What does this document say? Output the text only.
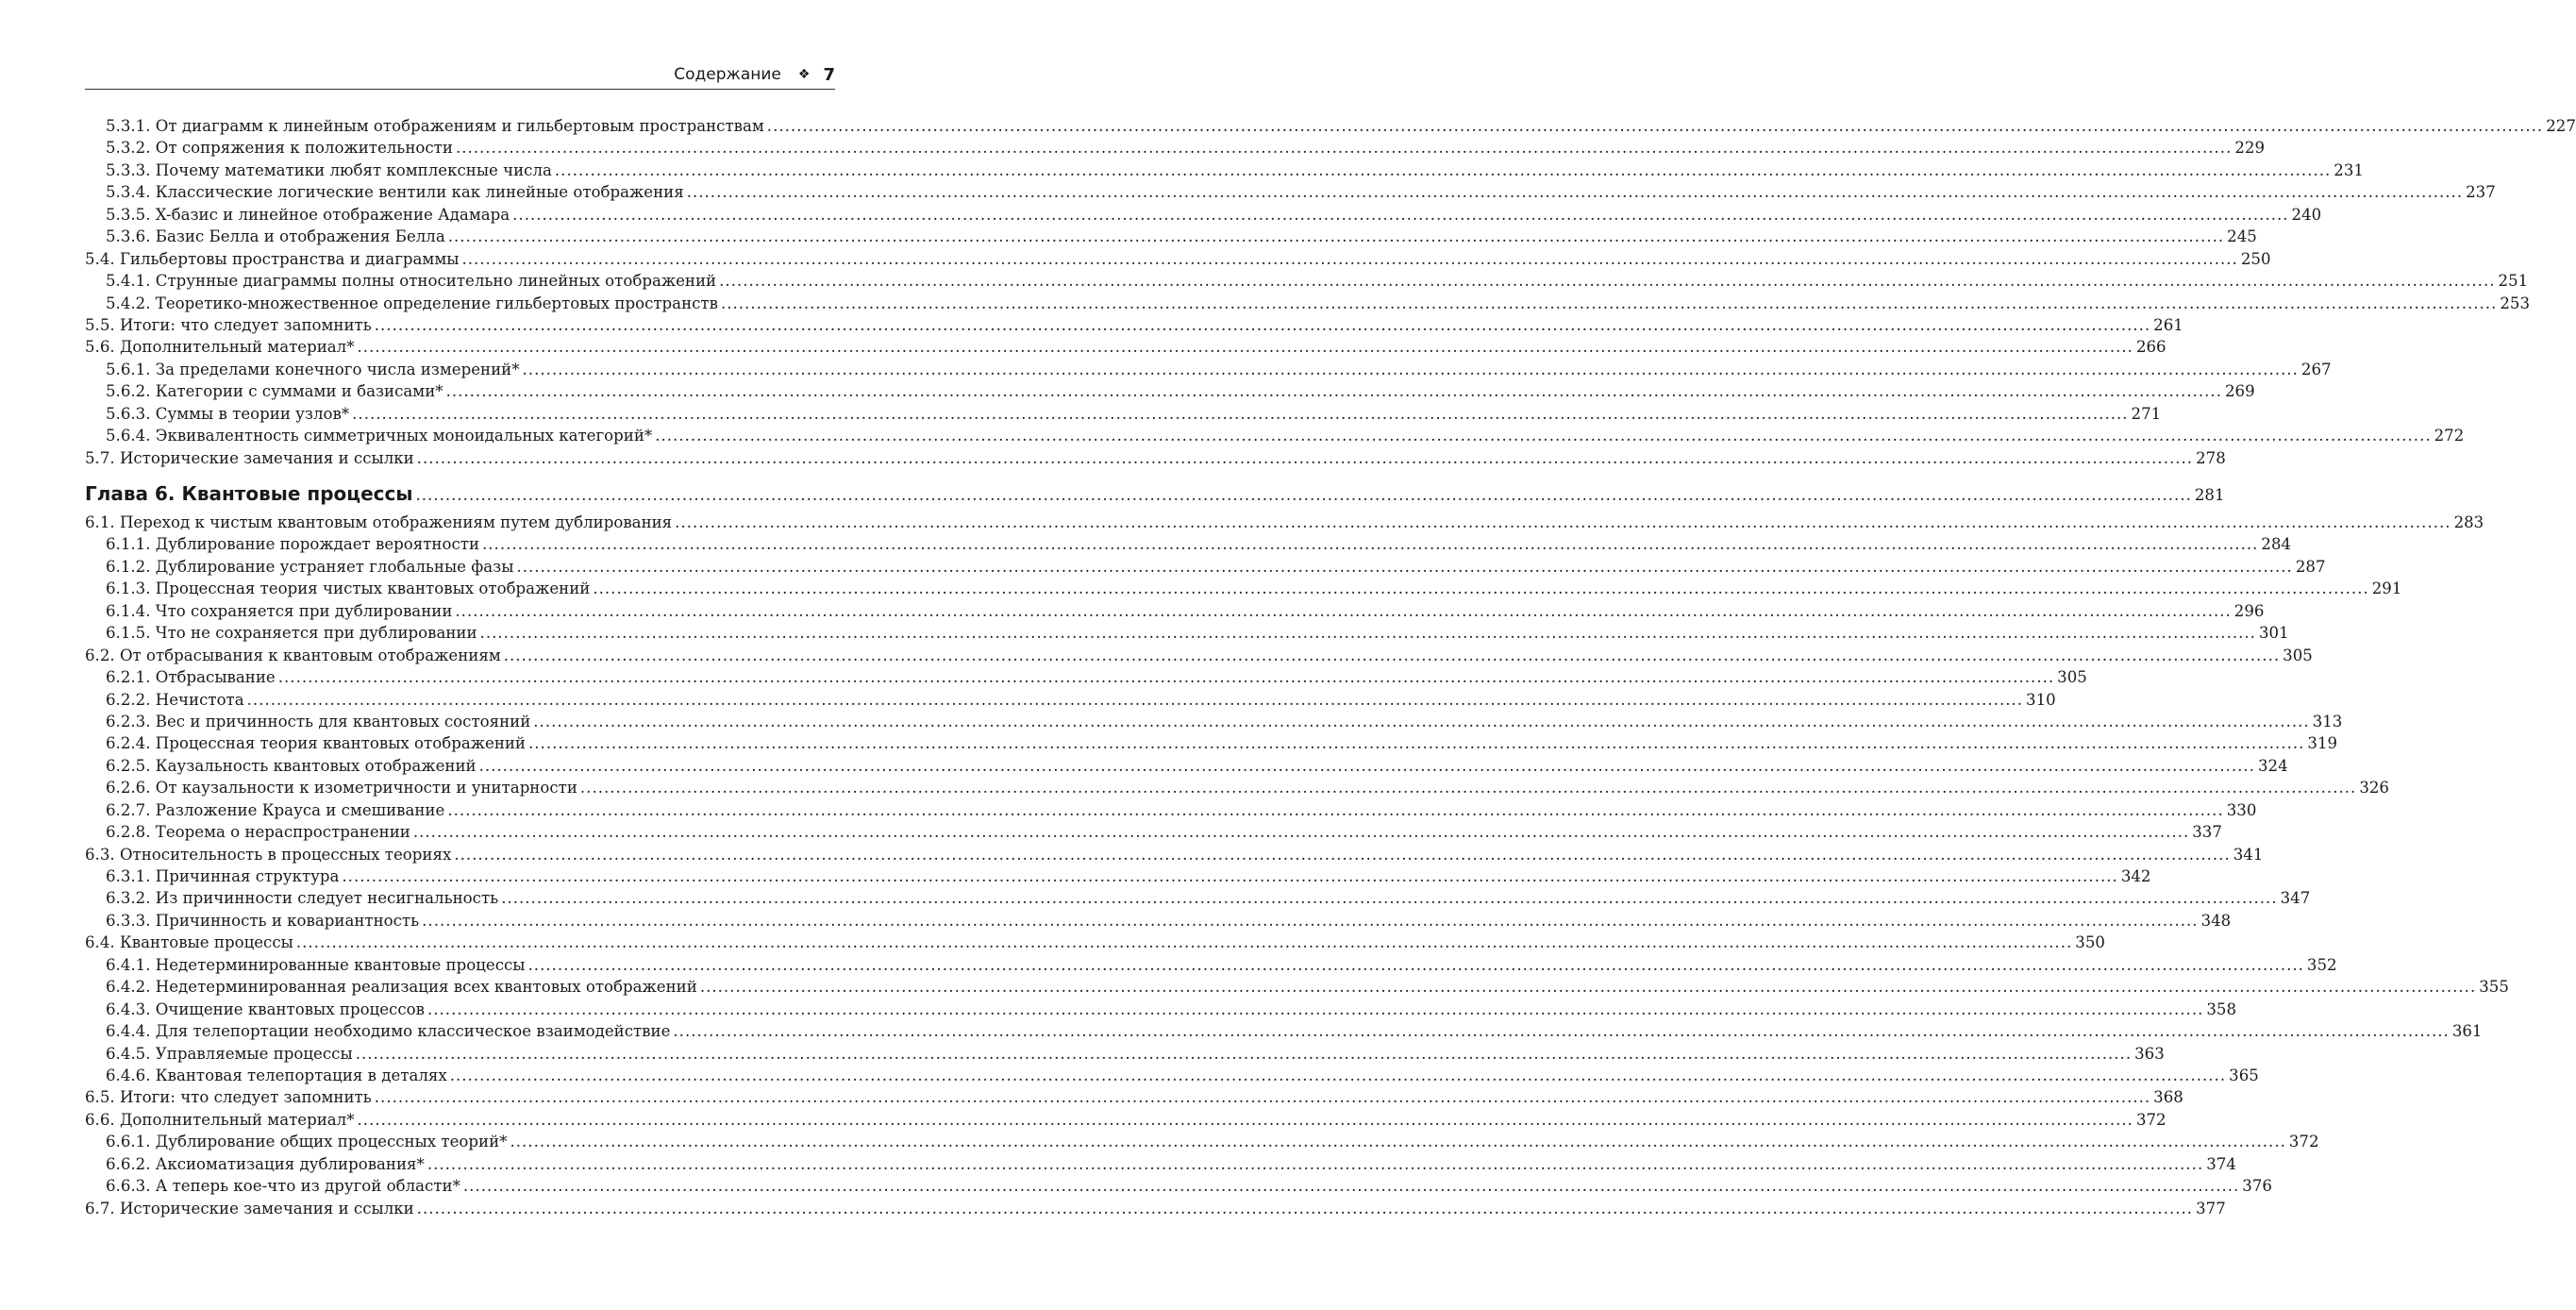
Содержание ❖ 7
5.3.1. От диаграмм к линейным отображениям и гильбертовым пространствам ............................................................................................................................................................................................................................................................................................................ 227
5.3.2. От сопряжения к положительности ............................................................................................................................................................................................................................................................................................................ 229
5.3.3. Почему математики любят комплексные числа ............................................................................................................................................................................................................................................................................................................ 231
5.3.4. Классические логические вентили как линейные отображения ............................................................................................................................................................................................................................................................................................................ 237
5.3.5. X-базис и линейное отображение Адамара ............................................................................................................................................................................................................................................................................................................ 240
5.3.6. Базис Белла и отображения Белла ............................................................................................................................................................................................................................................................................................................ 245
5.4. Гильбертовы пространства и диаграммы ............................................................................................................................................................................................................................................................................................................ 250
5.4.1. Струнные диаграммы полны относительно линейных отображений ............................................................................................................................................................................................................................................................................................................ 251
5.4.2. Теоретико-множественное определение гильбертовых пространств ............................................................................................................................................................................................................................................................................................................ 253
5.5. Итоги: что следует запомнить ............................................................................................................................................................................................................................................................................................................ 261
5.6. Дополнительный материал* ............................................................................................................................................................................................................................................................................................................ 266
5.6.1. За пределами конечного числа измерений* ............................................................................................................................................................................................................................................................................................................ 267
5.6.2. Категории с суммами и базисами* ............................................................................................................................................................................................................................................................................................................ 269
5.6.3. Суммы в теории узлов* ............................................................................................................................................................................................................................................................................................................ 271
5.6.4. Эквивалентность симметричных моноидальных категорий* ............................................................................................................................................................................................................................................................................................................ 272
5.7. Исторические замечания и ссылки ............................................................................................................................................................................................................................................................................................................ 278
Глава 6. Квантовые процессы ............................................................................................................................................................................................................................................................................................................ 281
6.1. Переход к чистым квантовым отображениям путем дублирования ............................................................................................................................................................................................................................................................................................................ 283
6.1.1. Дублирование порождает вероятности ............................................................................................................................................................................................................................................................................................................ 284
6.1.2. Дублирование устраняет глобальные фазы ............................................................................................................................................................................................................................................................................................................ 287
6.1.3. Процессная теория чистых квантовых отображений ............................................................................................................................................................................................................................................................................................................ 291
6.1.4. Что сохраняется при дублировании ............................................................................................................................................................................................................................................................................................................ 296
6.1.5. Что не сохраняется при дублировании ............................................................................................................................................................................................................................................................................................................ 301
6.2. От отбрасывания к квантовым отображениям ............................................................................................................................................................................................................................................................................................................ 305
6.2.1. Отбрасывание ............................................................................................................................................................................................................................................................................................................ 305
6.2.2. Нечистота ............................................................................................................................................................................................................................................................................................................ 310
6.2.3. Вес и причинность для квантовых состояний ............................................................................................................................................................................................................................................................................................................ 313
6.2.4. Процессная теория квантовых отображений ............................................................................................................................................................................................................................................................................................................ 319
6.2.5. Каузальность квантовых отображений ............................................................................................................................................................................................................................................................................................................ 324
6.2.6. От каузальности к изометричности и унитарности ............................................................................................................................................................................................................................................................................................................ 326
6.2.7. Разложение Крауса и смешивание ............................................................................................................................................................................................................................................................................................................ 330
6.2.8. Теорема о нераспространении ............................................................................................................................................................................................................................................................................................................ 337
6.3. Относительность в процессных теориях ............................................................................................................................................................................................................................................................................................................ 341
6.3.1. Причинная структура ............................................................................................................................................................................................................................................................................................................ 342
6.3.2. Из причинности следует несигнальность ............................................................................................................................................................................................................................................................................................................ 347
6.3.3. Причинность и ковариантность ............................................................................................................................................................................................................................................................................................................ 348
6.4. Квантовые процессы ............................................................................................................................................................................................................................................................................................................ 350
6.4.1. Недетерминированные квантовые процессы ............................................................................................................................................................................................................................................................................................................ 352
6.4.2. Недетерминированная реализация всех квантовых отображений ............................................................................................................................................................................................................................................................................................................ 355
6.4.3. Очищение квантовых процессов ............................................................................................................................................................................................................................................................................................................ 358
6.4.4. Для телепортации необходимо классическое взаимодействие ............................................................................................................................................................................................................................................................................................................ 361
6.4.5. Управляемые процессы ............................................................................................................................................................................................................................................................................................................ 363
6.4.6. Квантовая телепортация в деталях ............................................................................................................................................................................................................................................................................................................ 365
6.5. Итоги: что следует запомнить ............................................................................................................................................................................................................................................................................................................ 368
6.6. Дополнительный материал* ............................................................................................................................................................................................................................................................................................................ 372
6.6.1. Дублирование общих процессных теорий* ............................................................................................................................................................................................................................................................................................................ 372
6.6.2. Аксиоматизация дублирования* ............................................................................................................................................................................................................................................................................................................ 374
6.6.3. А теперь кое-что из другой области* ............................................................................................................................................................................................................................................................................................................ 376
6.7. Исторические замечания и ссылки ............................................................................................................................................................................................................................................................................................................ 377
